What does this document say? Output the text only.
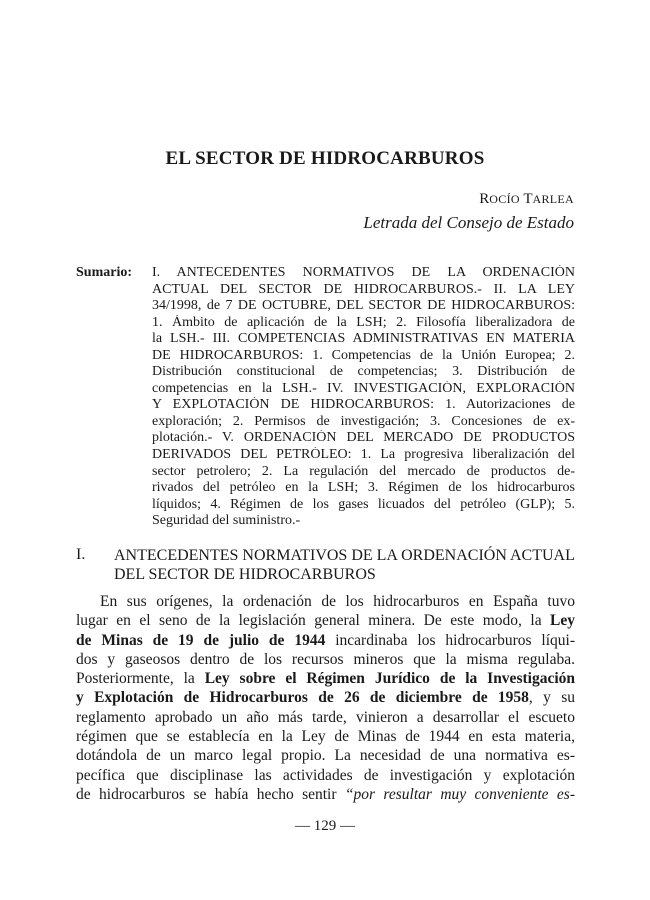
EL SECTOR DE HIDROCARBUROS
ROCÍO TARLEA
Letrada del Consejo de Estado
Sumario: I. ANTECEDENTES NORMATIVOS DE LA ORDENACIÓN
ACTUAL DEL SECTOR DE HIDROCARBUROS.- II. LA LEY
34/1998, de 7 DE OCTUBRE, DEL SECTOR DE HIDROCARBUROS:
1. Ámbito de aplicación de la LSH; 2. Filosofía liberalizadora de
la LSH.- III. COMPETENCIAS ADMINISTRATIVAS EN MATERIA
DE HIDROCARBUROS: 1. Competencias de la Unión Europea; 2.
Distribución constitucional de competencias; 3. Distribución de
competencias en la LSH.- IV. INVESTIGACIÓN, EXPLORACIÓN
Y EXPLOTACIÓN DE HIDROCARBUROS: 1. Autorizaciones de
exploración; 2. Permisos de investigación; 3. Concesiones de ex-
plotación.- V. ORDENACIÓN DEL MERCADO DE PRODUCTOS
DERIVADOS DEL PETRÓLEO: 1. La progresiva liberalización del
sector petrolero; 2. La regulación del mercado de productos de-
rivados del petróleo en la LSH; 3. Régimen de los hidrocarburos
líquidos; 4. Régimen de los gases licuados del petróleo (GLP); 5.
Seguridad del suministro.-
I. ANTECEDENTES NORMATIVOS DE LA ORDENACIÓN ACTUAL
DEL SECTOR DE HIDROCARBUROS
En sus orígenes, la ordenación de los hidrocarburos en España tuvo
lugar en el seno de la legislación general minera. De este modo, la Ley
de Minas de 19 de julio de 1944 incardinaba los hidrocarburos líqui-
dos y gaseosos dentro de los recursos mineros que la misma regulaba.
Posteriormente, la Ley sobre el Régimen Jurídico de la Investigación
y Explotación de Hidrocarburos de 26 de diciembre de 1958, y su
reglamento aprobado un año más tarde, vinieron a desarrollar el escueto
régimen que se establecía en la Ley de Minas de 1944 en esta materia,
dotándola de un marco legal propio. La necesidad de una normativa es-
pecífica que disciplinase las actividades de investigación y explotación
de hidrocarburos se había hecho sentir “por resultar muy conveniente es-
— 129 —
